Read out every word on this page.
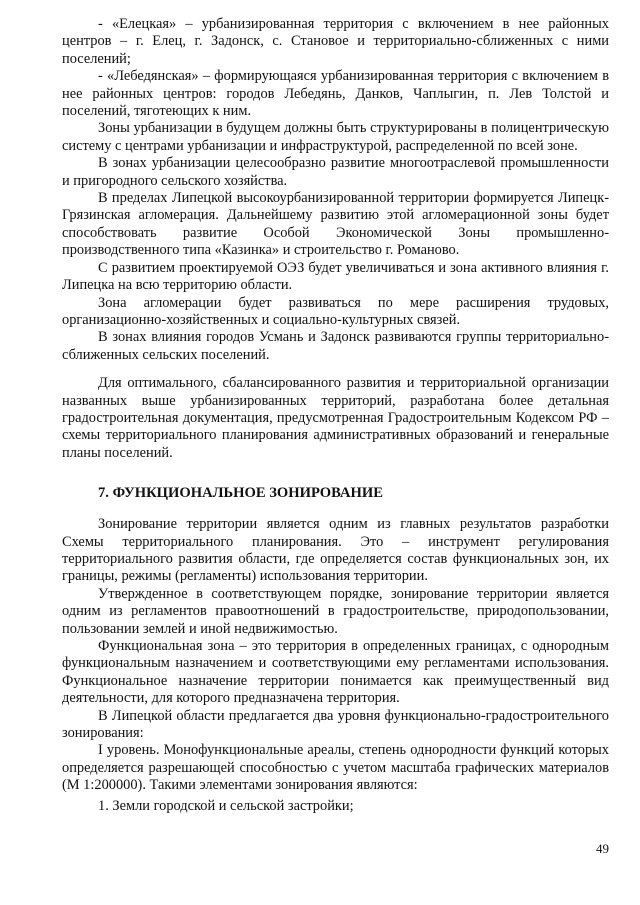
- «Елецкая» – урбанизированная территория с включением в нее районных центров – г. Елец, г. Задонск, с. Становое и территориально-сближенных с ними поселений;

- «Лебедянская» – формирующаяся урбанизированная территория с включением в нее районных центров: городов Лебедянь, Данков, Чаплыгин, п. Лев Толстой и поселений, тяготеющих к ним.

Зоны урбанизации в будущем должны быть структурированы в полицентрическую систему с центрами урбанизации и инфраструктурой, распределенной по всей зоне.

В зонах урбанизации целесообразно развитие многоотраслевой промышленности и пригородного сельского хозяйства.

В пределах Липецкой высокоурбанизированной территории формируется Липецк-Грязинская агломерация. Дальнейшему развитию этой агломерационной зоны будет способствовать развитие Особой Экономической Зоны промышленно-производственного типа «Казинка» и строительство г. Романово.

С развитием проектируемой ОЭЗ будет увеличиваться и зона активного влияния г. Липецка на всю территорию области.

Зона агломерации будет развиваться по мере расширения трудовых, организационно-хозяйственных и социально-культурных связей.

В зонах влияния городов Усмань и Задонск развиваются группы территориально-сближенных сельских поселений.

Для оптимального, сбалансированного развития и территориальной организации названных выше урбанизированных территорий, разработана более детальная градостроительная документация, предусмотренная Градостроительным Кодексом РФ – схемы территориального планирования административных образований и генеральные планы поселений.

7. ФУНКЦИОНАЛЬНОЕ ЗОНИРОВАНИЕ

Зонирование территории является одним из главных результатов разработки Схемы территориального планирования. Это – инструмент регулирования территориального развития области, где определяется состав функциональных зон, их границы, режимы (регламенты) использования территории.

Утвержденное в соответствующем порядке, зонирование территории является одним из регламентов правоотношений в градостроительстве, природопользовании, пользовании землей и иной недвижимостью.

Функциональная зона – это территория в определенных границах, с однородным функциональным назначением и соответствующими ему регламентами использования. Функциональное назначение территории понимается как преимущественный вид деятельности, для которого предназначена территория.

В Липецкой области предлагается два уровня функционально-градостроительного зонирования:

I уровень. Монофункциональные ареалы, степень однородности функций которых определяется разрешающей способностью с учетом масштаба графических материалов (М 1:200000). Такими элементами зонирования являются:

1. Земли городской и сельской застройки;

49
